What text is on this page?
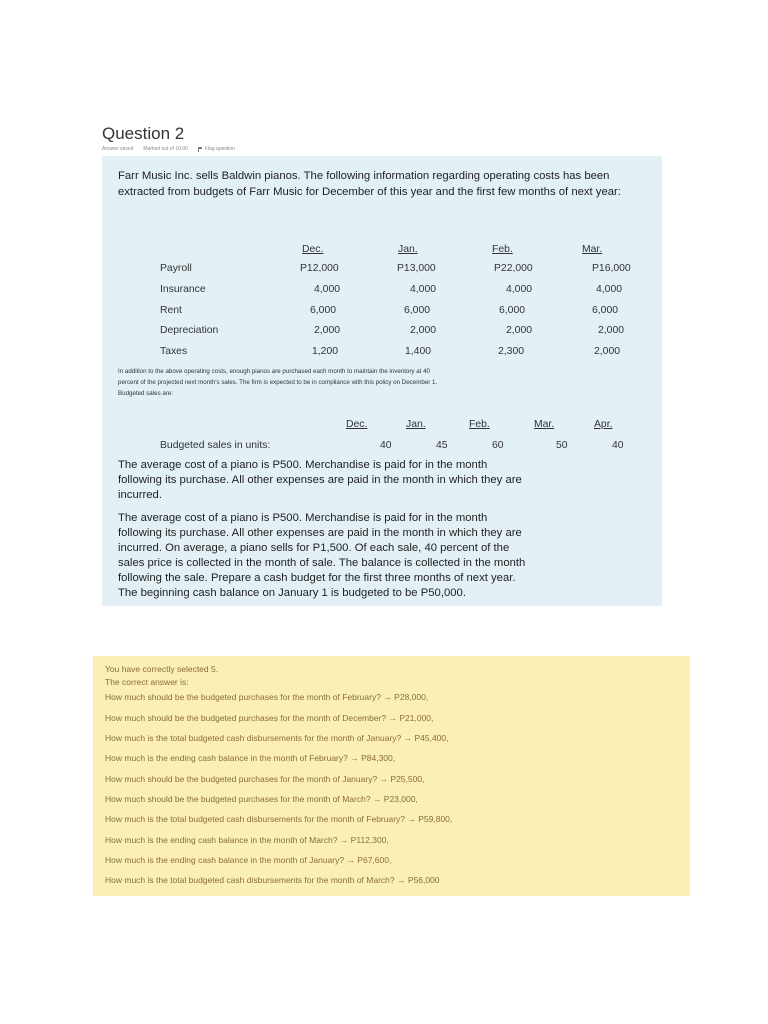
Question 2
Answer saved Marked out of 10.00	Flag question

Farr Music Inc. sells Baldwin pianos. The following information regarding operating costs has been extracted from budgets of Farr Music for December of this year and the first few months of next year:

Dec.	Jan.	Feb.	Mar.
Payroll	P12,000	P13,000	P22,000	P16,000
Insurance	4,000	4,000	4,000	4,000
Rent	6,000	6,000	6,000	6,000
Depreciation	2,000	2,000	2,000	2,000
Taxes	1,200	1,400	2,300	2,000
In addition to the above operating costs, enough pianos are purchased each month to maintain the inventory at 40
percent of the projected next month's sales. The firm is expected to be in compliance with this policy on December 1.
Budgeted sales are:
Dec.	Jan.	Feb.	Mar.	Apr.
Budgeted sales in units:	40	45	60	50	40
The average cost of a piano is P500. Merchandise is paid for in the month
following its purchase. All other expenses are paid in the month in which they are
incurred.
The average cost of a piano is P500. Merchandise is paid for in the month
following its purchase. All other expenses are paid in the month in which they are
incurred. On average, a piano sells for P1,500. Of each sale, 40 percent of the
sales price is collected in the month of sale. The balance is collected in the month
following the sale. Prepare a cash budget for the first three months of next year.
The beginning cash balance on January 1 is budgeted to be P50,000.
You have correctly selected 5.
The correct answer is:
How much should be the budgeted purchases for the month of February? → P28,000,
How much should be the budgeted purchases for the month of December? → P21,000,
How much is the total budgeted cash disbursements for the month of January? → P45,400,
How much is the ending cash balance in the month of February? → P84,300,
How much should be the budgeted purchases for the month of January? → P25,500,
How much should be the budgeted purchases for the month of March? → P23,000,
How much is the total budgeted cash disbursements for the month of February? → P59,800,
How much is the ending cash balance in the month of March? → P112,300,
How much is the ending cash balance in the month of January? → P67,600,
How much is the total budgeted cash disbursements for the month of March? → P56,000
